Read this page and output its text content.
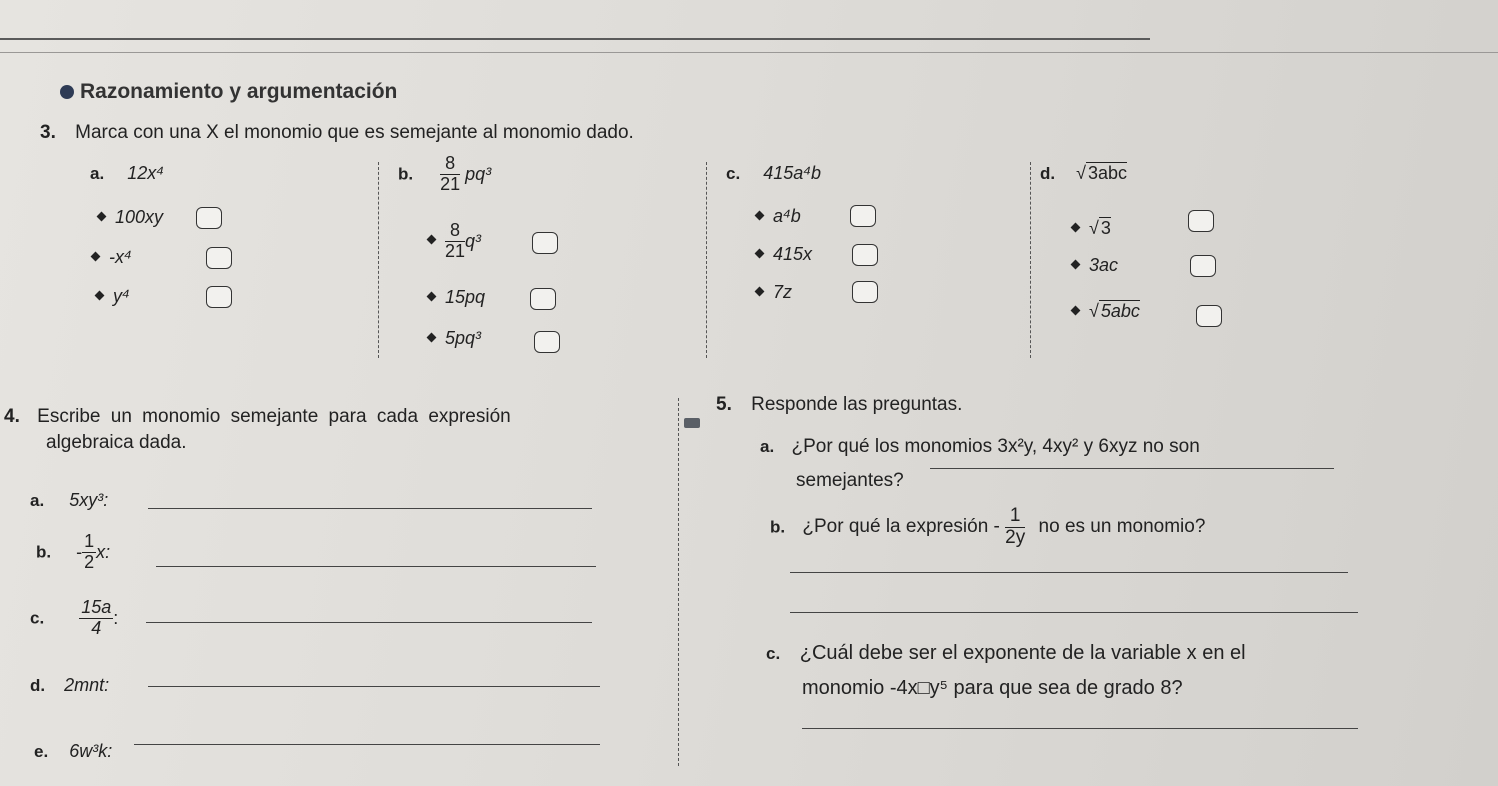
Razonamiento y argumentación
3. Marca con una X el monomio que es semejante al monomio dado.
a. 12x⁴
100xy
-x⁴
y⁴
b. $\frac{8}{21} pq^3$
$\frac{8}{21} q^3$
15pq
5pq³
c. 415a⁴b
a⁴b
415x
7z
d. √ 3abc
√ 3
3ac
√ 5abc
4. Escribe un monomio semejante para cada expresión
algebraica dada.
a. 5xy³:
b. - $\frac{1}{2} x$:
c. $\frac{15a}{4}$ :
d. 2mnt:
e. 6w³k:
5. Responde las preguntas.
a. ¿Por qué los monomios 3x²y, 4xy² y 6xyz no son
semejantes?
b. ¿Por qué la expresión - $\frac{1}{2y}$ no es un monomio?
c. ¿Cuál debe ser el exponente de la variable x en el
monomio -4x□y⁵ para que sea de grado 8?
